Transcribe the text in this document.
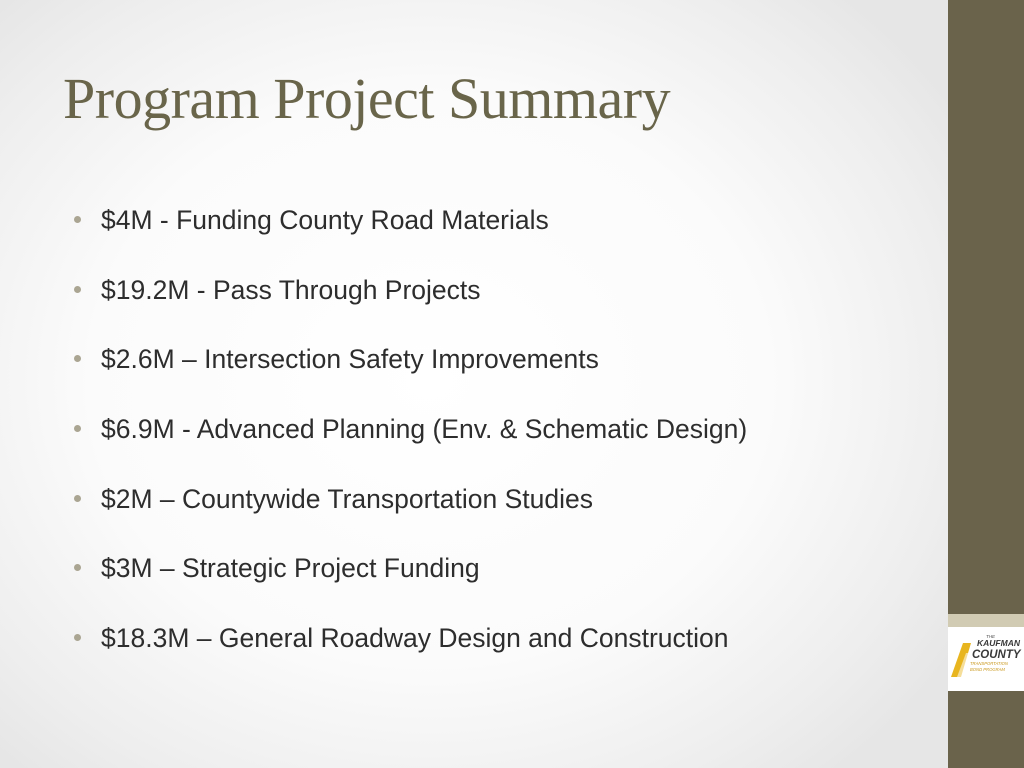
Program Project Summary
$4M - Funding County Road Materials
$19.2M - Pass Through Projects
$2.6M – Intersection Safety Improvements
$6.9M - Advanced Planning (Env. & Schematic Design)
$2M – Countywide Transportation Studies
$3M – Strategic Project Funding
$18.3M – General Roadway Design and Construction	THE
KAUFMAN
COUNTY
TRANSPORTATION
BOND PROGRAM
